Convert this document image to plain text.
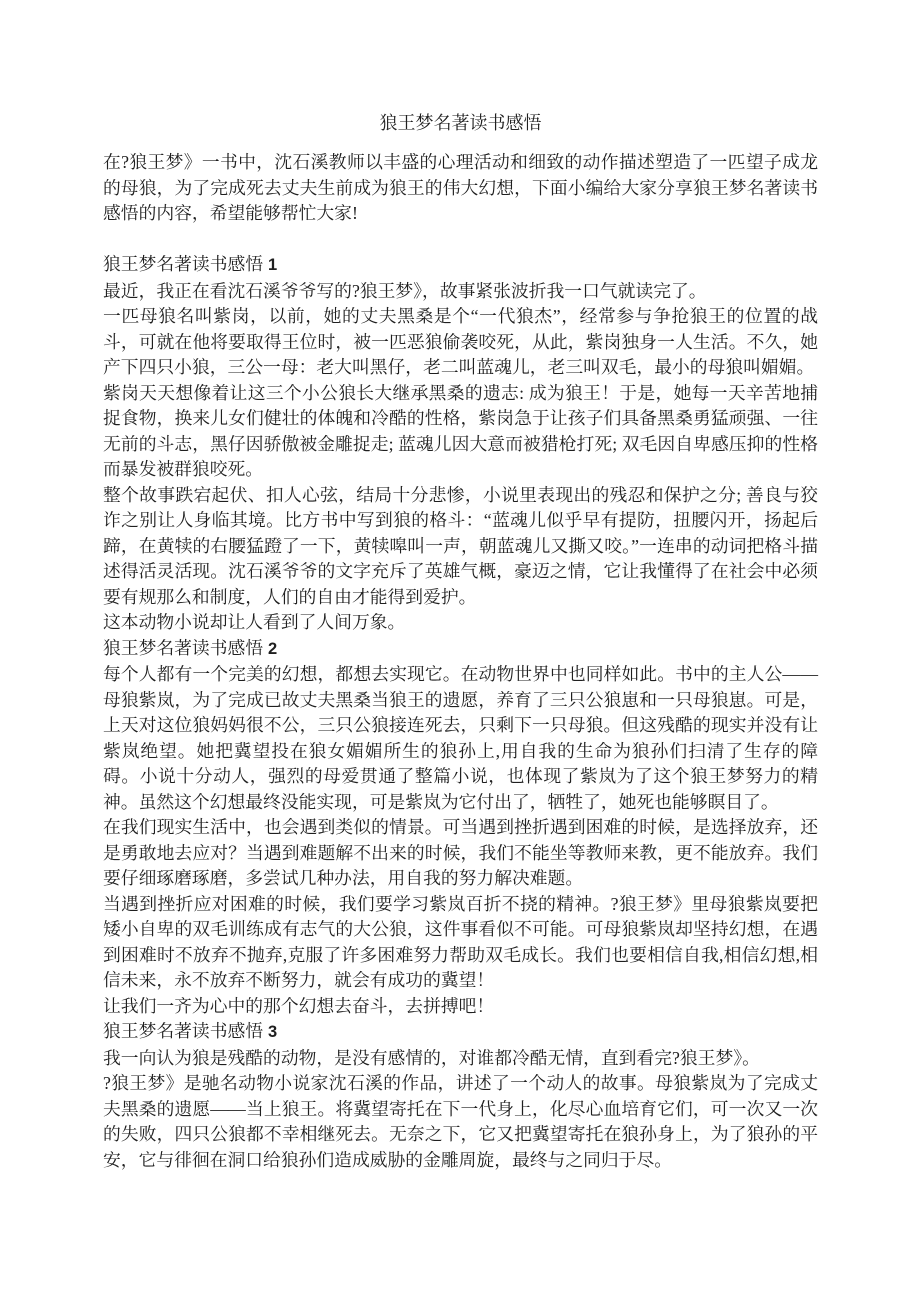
狼王梦名著读书感悟

在?狼王梦》一书中，沈石溪教师以丰盛的心理活动和细致的动作描述塑造了一匹望子成龙的母狼，为了完成死去丈夫生前成为狼王的伟大幻想，下面小编给大家分享狼王梦名著读书感悟的内容，希望能够帮忙大家!

狼王梦名著读书感悟 1

最近，我正在看沈石溪爷爷写的?狼王梦》，故事紧张波折我一口气就读完了。

一匹母狼名叫紫岗，以前，她的丈夫黑桑是个“一代狼杰”，经常参与争抢狼王的位置的战斗，可就在他将要取得王位时，被一匹恶狼偷袭咬死，从此，紫岗独身一人生活。不久，她产下四只小狼，三公一母：老大叫黑仔，老二叫蓝魂儿，老三叫双毛，最小的母狼叫媚媚。

紫岗天天想像着让这三个小公狼长大继承黑桑的遗志: 成为狼王！于是，她每一天辛苦地捕捉食物，换来儿女们健壮的体魄和冷酷的性格，紫岗急于让孩子们具备黑桑勇猛顽强、一往无前的斗志，黑仔因骄傲被金雕捉走; 蓝魂儿因大意而被猎枪打死; 双毛因自卑感压抑的性格而暴发被群狼咬死。

整个故事跌宕起伏、扣人心弦，结局十分悲惨，小说里表现出的残忍和保护之分; 善良与狡诈之别让人身临其境。比方书中写到狼的格斗：“蓝魂儿似乎早有提防，扭腰闪开，扬起后蹄，在黄犊的右腰猛蹬了一下，黄犊嗥叫一声，朝蓝魂儿又撕又咬。”一连串的动词把格斗描述得活灵活现。沈石溪爷爷的文字充斥了英雄气概，豪迈之情，它让我懂得了在社会中必须要有规那么和制度，人们的自由才能得到爱护。

这本动物小说却让人看到了人间万象。

狼王梦名著读书感悟 2

每个人都有一个完美的幻想，都想去实现它。在动物世界中也同样如此。书中的主人公——母狼紫岚，为了完成已故丈夫黑桑当狼王的遗愿，养育了三只公狼崽和一只母狼崽。可是，上天对这位狼妈妈很不公，三只公狼接连死去，只剩下一只母狼。但这残酷的现实并没有让紫岚绝望。她把冀望投在狼女媚媚所生的狼孙上,用自我的生命为狼孙们扫清了生存的障碍。小说十分动人，强烈的母爱贯通了整篇小说，也体现了紫岚为了这个狼王梦努力的精神。虽然这个幻想最终没能实现，可是紫岚为它付出了，牺牲了，她死也能够瞑目了。

在我们现实生活中，也会遇到类似的情景。可当遇到挫折遇到困难的时候，是选择放弃，还是勇敢地去应对？当遇到难题解不出来的时候，我们不能坐等教师来教，更不能放弃。我们要仔细琢磨琢磨，多尝试几种办法，用自我的努力解决难题。

当遇到挫折应对困难的时候，我们要学习紫岚百折不挠的精神。?狼王梦》里母狼紫岚要把矮小自卑的双毛训练成有志气的大公狼，这件事看似不可能。可母狼紫岚却坚持幻想，在遇到困难时不放弃不抛弃,克服了许多困难努力帮助双毛成长。我们也要相信自我,相信幻想,相信未来，永不放弃不断努力，就会有成功的冀望！

让我们一齐为心中的那个幻想去奋斗，去拼搏吧！

狼王梦名著读书感悟 3

我一向认为狼是残酷的动物，是没有感情的，对谁都冷酷无情，直到看完?狼王梦》。

?狼王梦》是驰名动物小说家沈石溪的作品，讲述了一个动人的故事。母狼紫岚为了完成丈夫黑桑的遗愿——当上狼王。将冀望寄托在下一代身上，化尽心血培育它们，可一次又一次的失败，四只公狼都不幸相继死去。无奈之下，它又把冀望寄托在狼孙身上，为了狼孙的平安，它与徘徊在洞口给狼孙们造成威胁的金雕周旋，最终与之同归于尽。
